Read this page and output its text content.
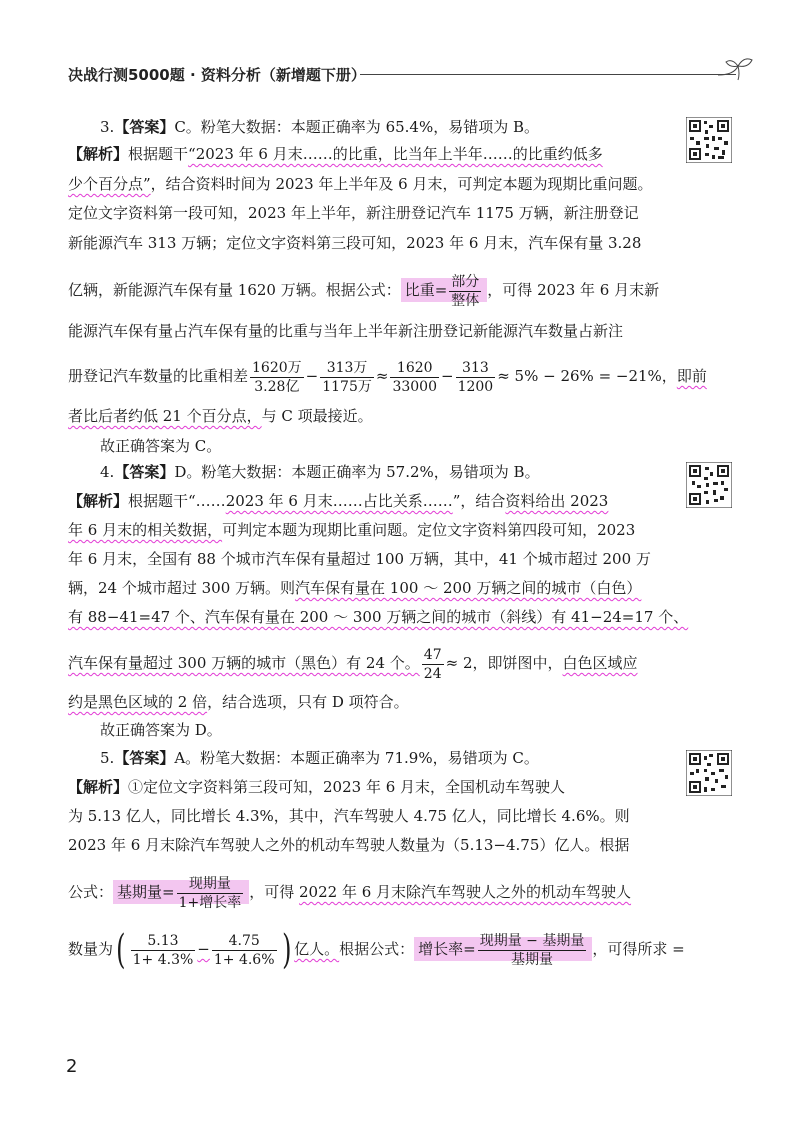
决战行测5000题 · 资料分析（新增题下册）
3.【答案】C。粉笔大数据：本题正确率为 65.4%，易错项为 B。
【解析】根据题干“2023 年 6 月末……的比重，比当年上半年……的比重约低多
少个百分点”，结合资料时间为 2023 年上半年及 6 月末，可判定本题为现期比重问题。
定位文字资料第一段可知，2023 年上半年，新注册登记汽车 1175 万辆，新注册登记
新能源汽车 313 万辆；定位文字资料第三段可知，2023 年 6 月末，汽车保有量 3.28
亿辆，新能源汽车保有量 1620 万辆。根据公式： 比重= $\frac{\text{部分}}{\text{整体}}$ ，可得 2023 年 6 月末新
能源汽车保有量占汽车保有量的比重与当年上半年新注册登记新能源汽车数量占新注
册登记汽车数量的比重相差 $\frac{\text{1620万}}{\text{3.28亿}} - \frac{\text{313万}}{\text{1175万}} \approx \frac{1620}{33000} - \frac{313}{1200} \approx 5\% - 26\% = -21\%$，即前
者比后者约低 21 个百分点，与 C 项最接近。
故正确答案为 C。
4.【答案】D。粉笔大数据：本题正确率为 57.2%，易错项为 B。
【解析】根据题干“……2023 年 6 月末……占比关系……”，结合资料给出 2023
年 6 月末的相关数据，可判定本题为现期比重问题。定位文字资料第四段可知，2023
年 6 月末，全国有 88 个城市汽车保有量超过 100 万辆，其中，41 个城市超过 200 万
辆，24 个城市超过 300 万辆。则汽车保有量在 100 ～ 200 万辆之间的城市（白色）
有 88−41=47 个、汽车保有量在 200 ～ 300 万辆之间的城市（斜线）有 41−24=17 个、
汽车保有量超过 300 万辆的城市（黑色）有 24 个。 $\frac{47}{24} \approx 2$，即饼图中，白色区域应
约是黑色区域的 2 倍，结合选项，只有 D 项符合。
故正确答案为 D。
5.【答案】A。粉笔大数据：本题正确率为 71.9%，易错项为 C。
【解析】①定位文字资料第三段可知，2023 年 6 月末，全国机动车驾驶人
为 5.13 亿人，同比增长 4.3%，其中，汽车驾驶人 4.75 亿人，同比增长 4.6%。则
2023 年 6 月末除汽车驾驶人之外的机动车驾驶人数量为（5.13−4.75）亿人。根据
公式： 基期量= $\frac{\text{现期量}}{\text{1+增长率}}$ ，可得 2022 年 6 月末除汽车驾驶人之外的机动车驾驶人
数量为( $\frac{5.13}{1+ 4.3\%} - \frac{4.75}{1+ 4.6\%}$ ) 亿人。根据公式： 增长率= $\frac{\text{现期量 − 基期量}}{\text{基期量}}$ ，可得所求 =
2
